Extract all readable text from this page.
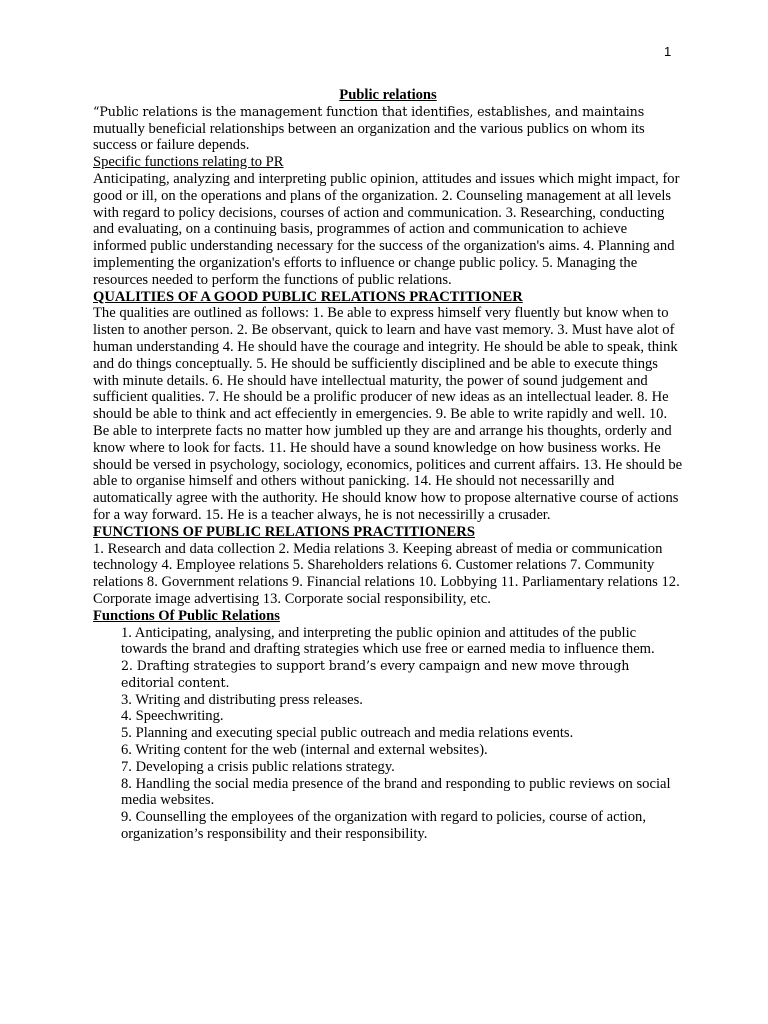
1

Public relations

“Public relations is the management function that identifies, establishes, and maintains

mutually beneficial relationships between an organization and the various publics on whom its success or failure depends.

Specific functions relating to PR

Anticipating, analyzing and interpreting public opinion, attitudes and issues which might impact, for good or ill, on the operations and plans of the organization. 2. Counseling management at all levels with regard to policy decisions, courses of action and communication. 3. Researching, conducting and evaluating, on a continuing basis, programmes of action and communication to achieve informed public understanding necessary for the success of the organization's aims. 4. Planning and implementing the organization's efforts to influence or change public policy. 5. Managing the resources needed to perform the functions of public relations.

QUALITIES OF A GOOD PUBLIC RELATIONS PRACTITIONER

The qualities are outlined as follows: 1. Be able to express himself very fluently but know when to listen to another person. 2. Be observant, quick to learn and have vast memory. 3. Must have alot of human understanding 4. He should have the courage and integrity. He should be able to speak, think and do things conceptually. 5. He should be sufficiently disciplined and be able to execute things with minute details. 6. He should have intellectual maturity, the power of sound judgement and sufficient qualities. 7. He should be a prolific producer of new ideas as an intellectual leader. 8. He should be able to think and act effeciently in emergencies. 9. Be able to write rapidly and well. 10. Be able to interprete facts no matter how jumbled up they are and arrange his thoughts, orderly and know where to look for facts. 11. He should have a sound knowledge on how business works. He should be versed in psychology, sociology, economics, politices and current affairs. 13. He should be able to organise himself and others without panicking. 14. He should not necessarilly and automatically agree with the authority. He should know how to propose alternative course of actions for a way forward. 15. He is a teacher always, he is not necessirilly a crusader.

FUNCTIONS OF PUBLIC RELATIONS PRACTITIONERS

1. Research and data collection 2. Media relations 3. Keeping abreast of media or communication technology 4. Employee relations 5. Shareholders relations 6. Customer relations 7. Community relations 8. Government relations 9. Financial relations 10. Lobbying 11. Parliamentary relations 12. Corporate image advertising 13. Corporate social responsibility, etc.

Functions Of Public Relations

1. Anticipating, analysing, and interpreting the public opinion and attitudes of the public towards the brand and drafting strategies which use free or earned media to influence them.
2. Drafting strategies to support brand’s every campaign and new move through editorial content.
3. Writing and distributing press releases.
4. Speechwriting.
5. Planning and executing special public outreach and media relations events.
6. Writing content for the web (internal and external websites).
7. Developing a crisis public relations strategy.
8. Handling the social media presence of the brand and responding to public reviews on social media websites.
9. Counselling the employees of the organization with regard to policies, course of action, organization’s responsibility and their responsibility.
